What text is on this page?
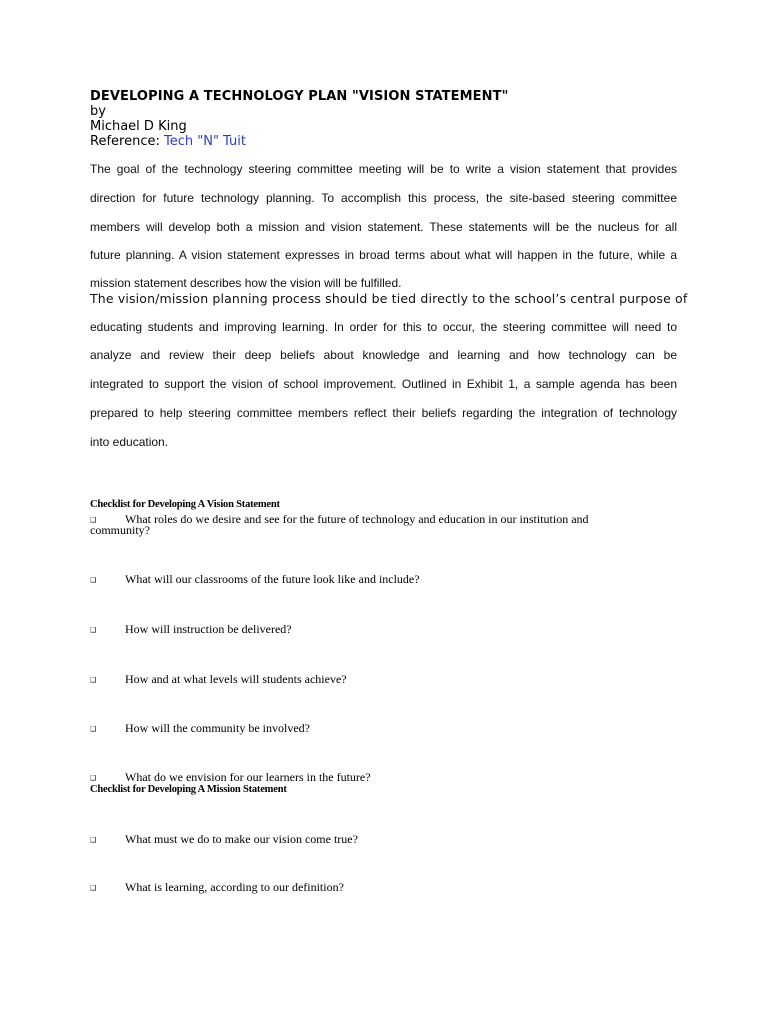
DEVELOPING A TECHNOLOGY PLAN "VISION STATEMENT"
by
Michael D King
Reference: Tech "N" Tuit
The goal of the technology steering committee meeting will be to write a vision statement that provides
direction for future technology planning. To accomplish this process, the site-based steering committee
members will develop both a mission and vision statement. These statements will be the nucleus for all
future planning. A vision statement expresses in broad terms about what will happen in the future, while a
mission statement describes how the vision will be fulfilled.
The vision/mission planning process should be tied directly to the school’s central purpose of
educating students and improving learning. In order for this to occur, the steering committee will need to
analyze and review their deep beliefs about knowledge and learning and how technology can be
integrated to support the vision of school improvement. Outlined in Exhibit 1, a sample agenda has been
prepared to help steering committee members reflect their beliefs regarding the integration of technology
into education.
Checklist for Developing A Vision Statement
❑ What roles do we desire and see for the future of technology and education in our institution and
community?
❑ What will our classrooms of the future look like and include?
❑ How will instruction be delivered?
❑ How and at what levels will students achieve?
❑ How will the community be involved?
❑ What do we envision for our learners in the future?
Checklist for Developing A Mission Statement
❑ What must we do to make our vision come true?
❑ What is learning, according to our definition?
